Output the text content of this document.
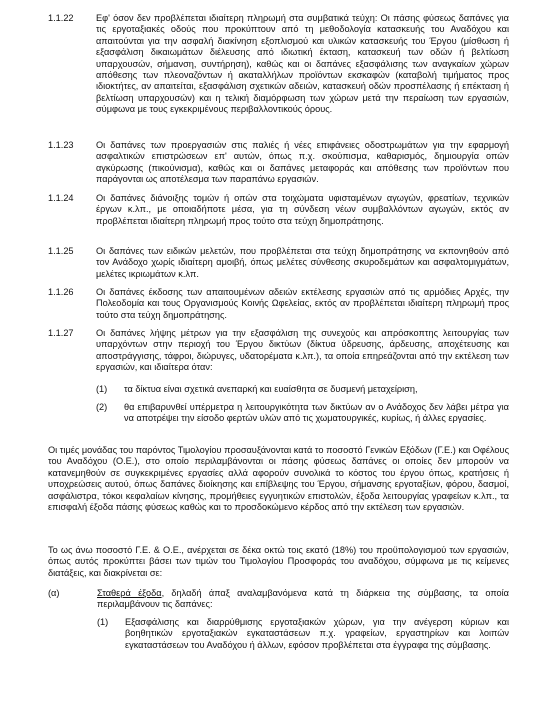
1.1.22 Εφ' όσον δεν προβλέπεται ιδιαίτερη πληρωμή στα συμβατικά τεύχη: Οι πάσης φύσεως δαπάνες για τις εργοταξιακές οδούς που προκύπτουν από τη μεθοδολογία κατασκευής του Αναδόχου και απαιτούνται για την ασφαλή διακίνηση εξοπλισμού και υλικών κατασκευής του Έργου (μίσθωση ή εξασφάλιση δικαιωμάτων διέλευσης από ιδιωτική έκταση, κατασκευή των οδών ή βελτίωση υπαρχουσών, σήμανση, συντήρηση), καθώς και οι δαπάνες εξασφάλισης των αναγκαίων χώρων απόθεσης των πλεοναζόντων ή ακαταλλήλων προϊόντων εκσκαφών (καταβολή τιμήματος προς ιδιοκτήτες, αν απαιτείται, εξασφάλιση σχετικών αδειών, κατασκευή οδών προσπέλασης ή επέκταση ή βελτίωση υπαρχουσών) και η τελική διαμόρφωση των χώρων μετά την περαίωση των εργασιών, σύμφωνα με τους εγκεκριμένους περιβαλλοντικούς όρους.
1.1.23 Οι δαπάνες των προεργασιών στις παλιές ή νέες επιφάνειες οδοστρωμάτων για την εφαρμογή ασφαλτικών επιστρώσεων επ' αυτών, όπως π.χ. σκούπισμα, καθαρισμός, δημιουργία οπών αγκύρωσης (πικούνισμα), καθώς και οι δαπάνες μεταφοράς και απόθεσης των προϊόντων που παράγονται ως αποτέλεσμα των παραπάνω εργασιών.
1.1.24 Οι δαπάνες διάνοιξης τομών ή οπών στα τοιχώματα υφισταμένων αγωγών, φρεατίων, τεχνικών έργων κ.λπ., με οποιαδήποτε μέσα, για τη σύνδεση νέων συμβαλλόντων αγωγών, εκτός αν προβλέπεται ιδιαίτερη πληρωμή προς τούτο στα τεύχη δημοπράτησης.
1.1.25 Οι δαπάνες των ειδικών μελετών, που προβλέπεται στα τεύχη δημοπράτησης να εκπονηθούν από τον Ανάδοχο χωρίς ιδιαίτερη αμοιβή, όπως μελέτες σύνθεσης σκυροδεμάτων και ασφαλτομιγμάτων, μελέτες ικριωμάτων κ.λπ.
1.1.26 Οι δαπάνες έκδοσης των απαιτουμένων αδειών εκτέλεσης εργασιών από τις αρμόδιες Αρχές, την Πολεοδομία και τους Οργανισμούς Κοινής Ωφελείας, εκτός αν προβλέπεται ιδιαίτερη πληρωμή προς τούτο στα τεύχη δημοπράτησης.
1.1.27 Οι δαπάνες λήψης μέτρων για την εξασφάλιση της συνεχούς και απρόσκοπτης λειτουργίας των υπαρχόντων στην περιοχή του Έργου δικτύων (δίκτυα ύδρευσης, άρδευσης, αποχέτευσης και αποστράγγισης, τάφροι, διώρυγες, υδατορέματα κ.λπ.), τα οποία επηρεάζονται από την εκτέλεση των εργασιών, και ιδιαίτερα όταν:
(1) τα δίκτυα είναι σχετικά ανεπαρκή και ευαίσθητα σε δυσμενή μεταχείριση,
(2) θα επιβαρυνθεί υπέρμετρα η λειτουργικότητα των δικτύων αν ο Ανάδοχος δεν λάβει μέτρα για να αποτρέψει την είσοδο φερτών υλών από τις χωματουργικές, κυρίως, ή άλλες εργασίες.
Οι τιμές μονάδας του παρόντος Τιμολογίου προσαυξάνονται κατά το ποσοστό Γενικών Εξόδων (Γ.Ε.) και Οφέλους του Αναδόχου (Ο.Ε.), στο οποίο περιλαμβάνονται οι πάσης φύσεως δαπάνες οι οποίες δεν μπορούν να κατανεμηθούν σε συγκεκριμένες εργασίες αλλά αφορούν συνολικά το κόστος του έργου όπως, κρατήσεις ή υποχρεώσεις αυτού, όπως δαπάνες διοίκησης και επίβλεψης του Έργου, σήμανσης εργοταξίων, φόρου, δασμοί, ασφάλιστρα, τόκοι κεφαλαίων κίνησης, προμήθειες εγγυητικών επιστολών, έξοδα λειτουργίας γραφείων κ.λπ., τα επισφαλή έξοδα πάσης φύσεως καθώς και το προσδοκώμενο κέρδος από την εκτέλεση των εργασιών.
Το ως άνω ποσοστό Γ.Ε. & Ο.Ε., ανέρχεται σε δέκα οκτώ τοις εκατό (18%) του προϋπολογισμού των εργασιών, όπως αυτός προκύπτει βάσει των τιμών του Τιμολογίου Προσφοράς του αναδόχου, σύμφωνα με τις κείμενες διατάξεις, και διακρίνεται σε:
(α)	Σταθερά έξοδα, δηλαδή άπαξ αναλαμβανόμενα κατά τη διάρκεια της σύμβασης, τα οποία περιλαμβάνουν τις δαπάνες:
(1) Εξασφάλισης και διαρρύθμισης εργοταξιακών χώρων, για την ανέγερση κύριων και βοηθητικών εργοταξιακών εγκαταστάσεων π.χ. γραφείων, εργαστηρίων και λοιπών εγκαταστάσεων του Αναδόχου ή άλλων, εφόσον προβλέπεται στα έγγραφα της σύμβασης.
